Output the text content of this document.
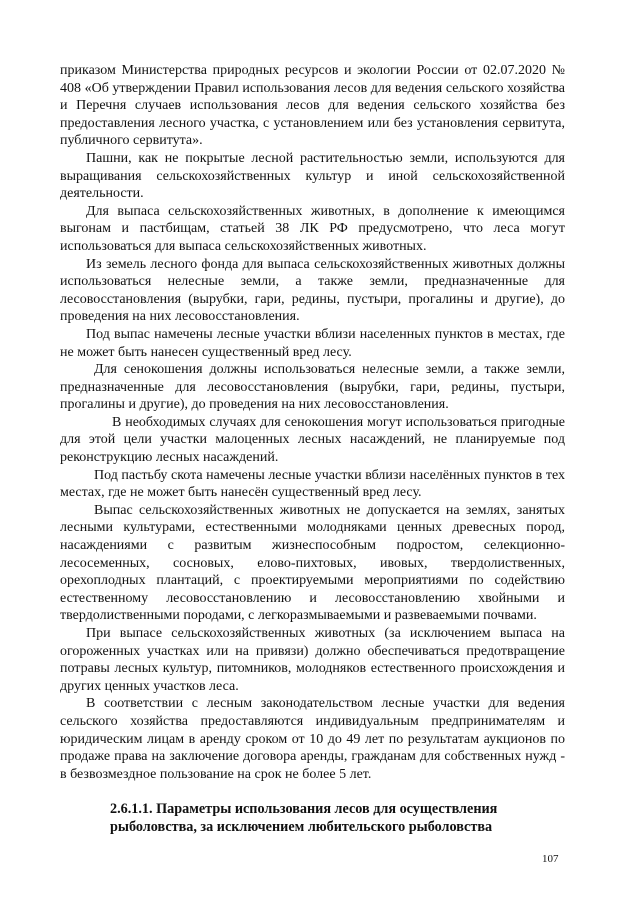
приказом Министерства природных ресурсов и экологии России от 02.07.2020 № 408 «Об утверждении Правил использования лесов для ведения сельского хозяйства и Перечня случаев использования лесов для ведения сельского хозяйства без предоставления лесного участка, с установлением или без установления сервитута, публичного сервитута».

Пашни, как не покрытые лесной растительностью земли, используются для выращивания сельскохозяйственных культур и иной сельскохозяйственной деятельности.

Для выпаса сельскохозяйственных животных, в дополнение к имеющимся выгонам и пастбищам, статьей 38 ЛК РФ предусмотрено, что леса могут использоваться для выпаса сельскохозяйственных животных.

Из земель лесного фонда для выпаса сельскохозяйственных животных должны использоваться нелесные земли, а также земли, предназначенные для лесовосстановления (вырубки, гари, редины, пустыри, прогалины и другие), до проведения на них лесовосстановления.

Под выпас намечены лесные участки вблизи населенных пунктов в местах, где не может быть нанесен существенный вред лесу.

Для сенокошения должны использоваться нелесные земли, а также земли, предназначенные для лесовосстановления (вырубки, гари, редины, пустыри, прогалины и другие), до проведения на них лесовосстановления.

В необходимых случаях для сенокошения могут использоваться пригодные для этой цели участки малоценных лесных насаждений, не планируемые под реконструкцию лесных насаждений.

Под пастьбу скота намечены лесные участки вблизи населённых пунктов в тех местах, где не может быть нанесён существенный вред лесу.

Выпас сельскохозяйственных животных не допускается на землях, занятых лесными культурами, естественными молодняками ценных древесных пород, насаждениями с развитым жизнеспособным подростом, селекционно-лесосеменных, сосновых, елово-пихтовых, ивовых, твердолиственных, орехоплодных плантаций, с проектируемыми мероприятиями по содействию естественному лесовосстановлению и лесовосстановлению хвойными и твердолиственными породами, с легкоразмываемыми и развеваемыми почвами.

При выпасе сельскохозяйственных животных (за исключением выпаса на огороженных участках или на привязи) должно обеспечиваться предотвращение потравы лесных культур, питомников, молодняков естественного происхождения и других ценных участков леса.

В соответствии с лесным законодательством лесные участки для ведения сельского хозяйства предоставляются индивидуальным предпринимателям и юридическим лицам в аренду сроком от 10 до 49 лет по результатам аукционов по продаже права на заключение договора аренды, гражданам для собственных нужд - в безвозмездное пользование на срок не более 5 лет.

2.6.1.1. Параметры использования лесов для осуществления рыболовства, за исключением любительского рыболовства

107
